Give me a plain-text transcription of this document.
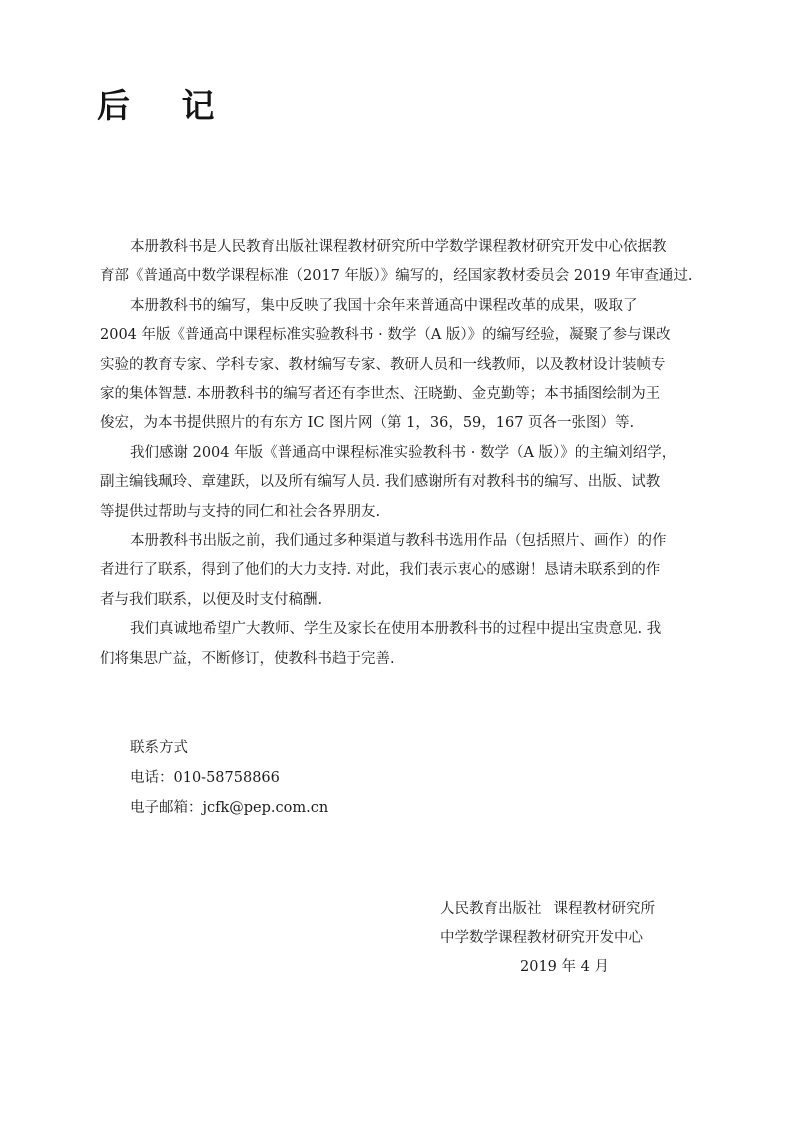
后 记
本册教科书是人民教育出版社课程教材研究所中学数学课程教材研究开发中心依据教
育部《普通高中数学课程标准（2017 年版）》编写的，经国家教材委员会 2019 年审查通过.
本册教科书的编写，集中反映了我国十余年来普通高中课程改革的成果，吸取了
2004 年版《普通高中课程标准实验教科书 · 数学（A 版）》的编写经验，凝聚了参与课改
实验的教育专家、学科专家、教材编写专家、教研人员和一线教师，以及教材设计装帧专
家的集体智慧. 本册教科书的编写者还有李世杰、汪晓勤、金克勤等；本书插图绘制为王
俊宏，为本书提供照片的有东方 IC 图片网（第 1，36，59，167 页各一张图）等.
我们感谢 2004 年版《普通高中课程标准实验教科书 · 数学（A 版）》的主编刘绍学，
副主编钱珮玲、章建跃，以及所有编写人员. 我们感谢所有对教科书的编写、出版、试教
等提供过帮助与支持的同仁和社会各界朋友.
本册教科书出版之前，我们通过多种渠道与教科书选用作品（包括照片、画作）的作
者进行了联系，得到了他们的大力支持. 对此，我们表示衷心的感谢！恳请未联系到的作
者与我们联系，以便及时支付稿酬.
我们真诚地希望广大教师、学生及家长在使用本册教科书的过程中提出宝贵意见. 我
们将集思广益，不断修订，使教科书趋于完善.
联系方式
电话：010-58758866
电子邮箱：jcfk@pep.com.cn
人民教育出版社 课程教材研究所
中学数学课程教材研究开发中心
2019 年 4 月
